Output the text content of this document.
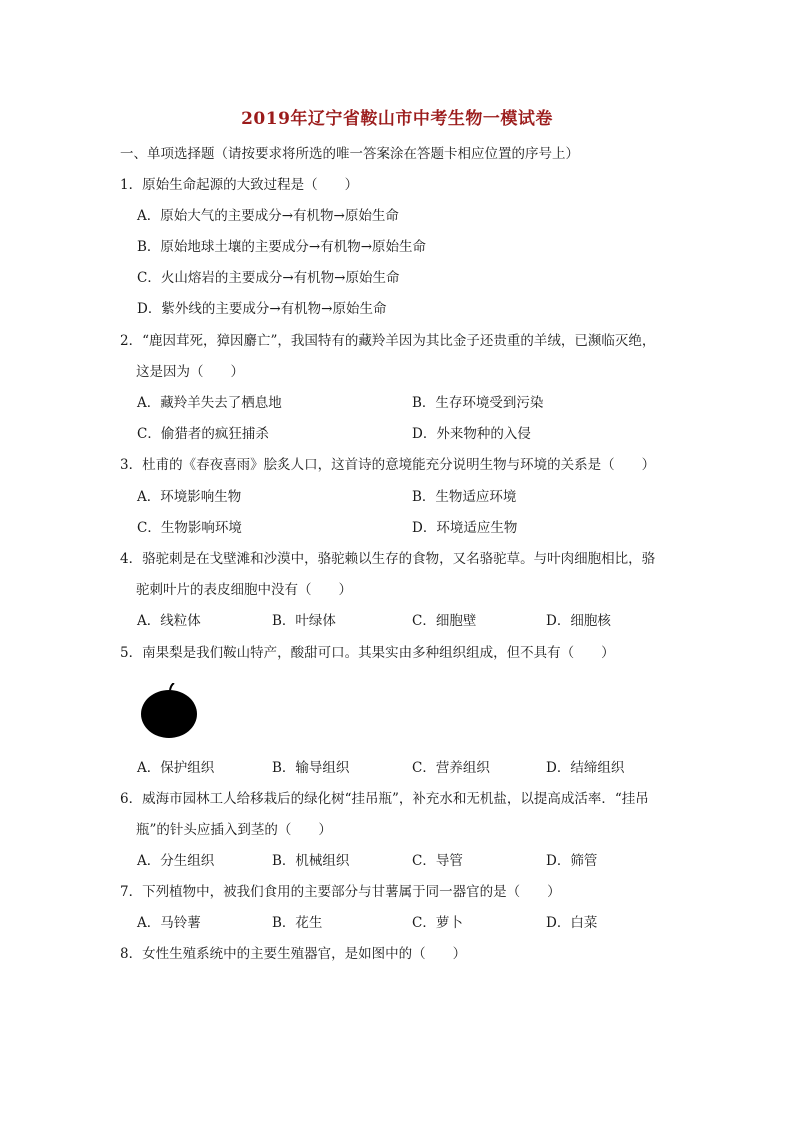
2019年辽宁省鞍山市中考生物一模试卷
一、单项选择题（请按要求将所选的唯一答案涂在答题卡相应位置的序号上）
1．原始生命起源的大致过程是（　　）
A．原始大气的主要成分→有机物→原始生命
B．原始地球土壤的主要成分→有机物→原始生命
C．火山熔岩的主要成分→有机物→原始生命
D．紫外线的主要成分→有机物→原始生命
2．“鹿因茸死，獐因麝亡”，我国特有的藏羚羊因为其比金子还贵重的羊绒，已濒临灭绝，
这是因为（　　）
A．藏羚羊失去了栖息地	B．生存环境受到污染
C．偷猎者的疯狂捕杀	D．外来物种的入侵
3．杜甫的《春夜喜雨》脍炙人口，这首诗的意境能充分说明生物与环境的关系是（　　）
A．环境影响生物	B．生物适应环境
C．生物影响环境	D．环境适应生物
4．骆驼刺是在戈壁滩和沙漠中，骆驼赖以生存的食物，又名骆驼草。与叶肉细胞相比，骆
驼刺叶片的表皮细胞中没有（　　）
A．线粒体	B．叶绿体	C．细胞壁	D．细胞核
5．南果梨是我们鞍山特产，酸甜可口。其果实由多种组织组成，但不具有（　　）
A．保护组织	B．输导组织	C．营养组织	D．结缔组织
6．威海市园林工人给移栽后的绿化树“挂吊瓶”，补充水和无机盐，以提高成活率．“挂吊
瓶”的针头应插入到茎的（　　）
A．分生组织	B．机械组织	C．导管	D．筛管
7．下列植物中，被我们食用的主要部分与甘薯属于同一器官的是（　　）
A．马铃薯	B．花生	C．萝卜	D．白菜
8．女性生殖系统中的主要生殖器官，是如图中的（　　）
